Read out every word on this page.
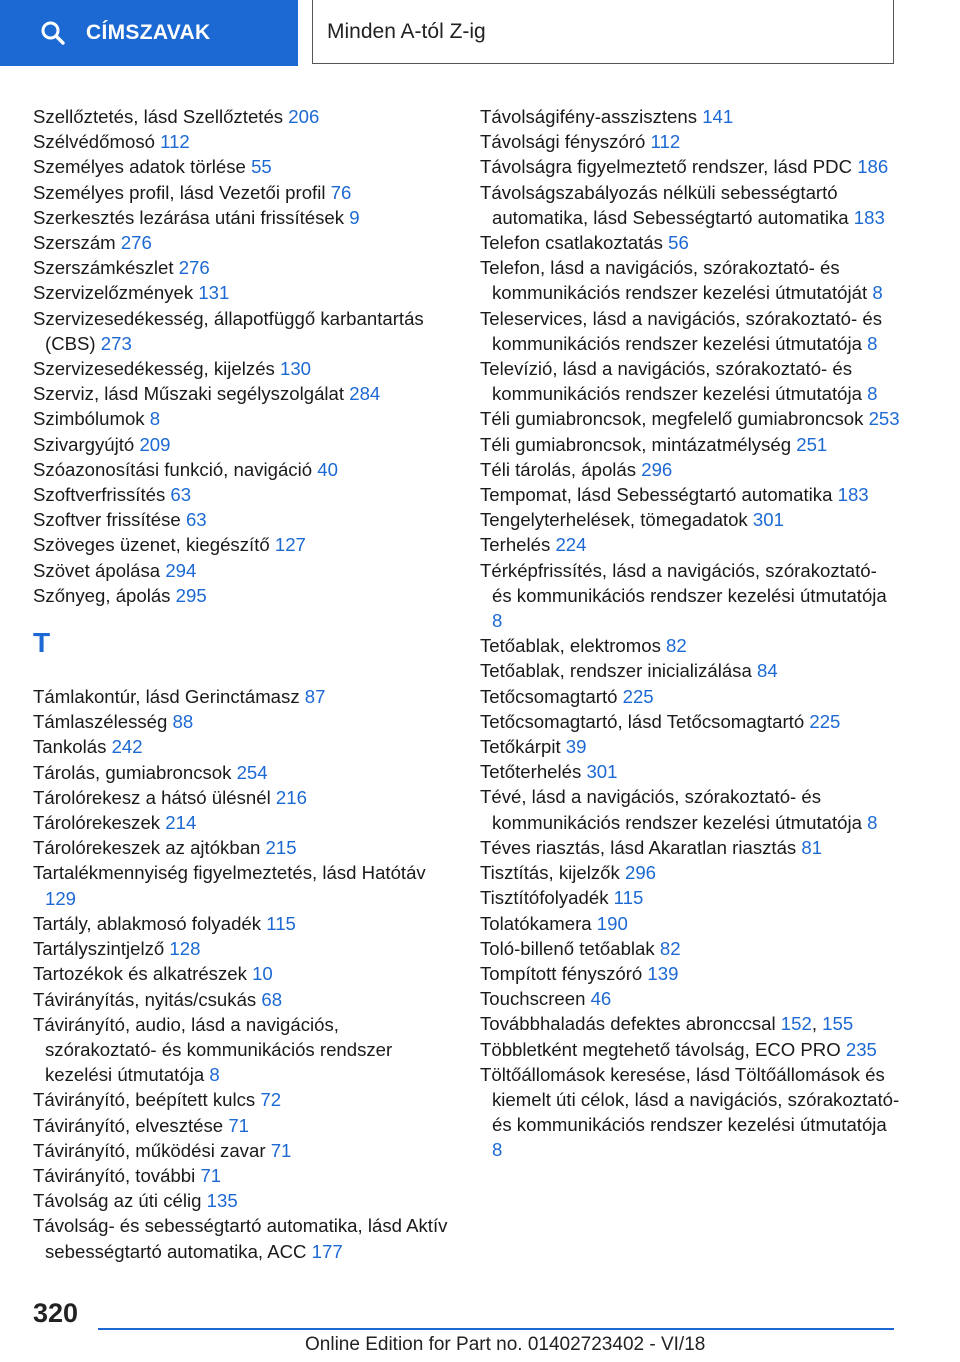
CÍMSZAVAK	Minden A-tól Z-ig
Szellőztetés, lásd Szellőztetés 206
Szélvédőmosó 112
Személyes adatok törlése 55
Személyes profil, lásd Vezetői profil 76
Szerkesztés lezárása utáni frissítések 9
Szerszám 276
Szerszámkészlet 276
Szervizelőzmények 131
Szervizesedékesség, állapotfüggő karbantartás (CBS) 273
Szervizesedékesség, kijelzés 130
Szerviz, lásd Műszaki segélyszolgálat 284
Szimbólumok 8
Szivargyújtó 209
Szóazonosítási funkció, navigáció 40
Szoftverfrissítés 63
Szoftver frissítése 63
Szöveges üzenet, kiegészítő 127
Szövet ápolása 294
Szőnyeg, ápolás 295
T
Támlakontúr, lásd Gerinctámasz 87
Támlaszélesség 88
Tankolás 242
Tárolás, gumiabroncsok 254
Tárolórekesz a hátsó ülésnél 216
Tárolórekeszek 214
Tárolórekeszek az ajtókban 215
Tartalékmennyiség figyelmeztetés, lásd Hatótáv 129
Tartály, ablakmosó folyadék 115
Tartályszintjelző 128
Tartozékok és alkatrészek 10
Távirányítás, nyitás/csukás 68
Távirányító, audio, lásd a navigációs, szórakoztató- és kommunikációs rendszer kezelési útmutatója 8
Távirányító, beépített kulcs 72
Távirányító, elvesztése 71
Távirányító, működési zavar 71
Távirányító, további 71
Távolság az úti célig 135
Távolság- és sebességtartó automatika, lásd Aktív sebességtartó automatika, ACC 177
Távolságifény-asszisztens 141
Távolsági fényszóró 112
Távolságra figyelmeztető rendszer, lásd PDC 186
Távolságszabályozás nélküli sebességtartó automatika, lásd Sebességtartó automatika 183
Telefon csatlakoztatás 56
Telefon, lásd a navigációs, szórakoztató- és kommunikációs rendszer kezelési útmutatóját 8
Teleservices, lásd a navigációs, szórakoztató- és kommunikációs rendszer kezelési útmutatója 8
Televízió, lásd a navigációs, szórakoztató- és kommunikációs rendszer kezelési útmutatója 8
Téli gumiabroncsok, megfelelő gumiabroncsok 253
Téli gumiabroncsok, mintázatmélység 251
Téli tárolás, ápolás 296
Tempomat, lásd Sebességtartó automatika 183
Tengelyterhelések, tömegadatok 301
Terhelés 224
Térképfrissítés, lásd a navigációs, szórakoztató- és kommunikációs rendszer kezelési útmutatója 8
Tetőablak, elektromos 82
Tetőablak, rendszer inicializálása 84
Tetőcsomagtartó 225
Tetőcsomagtartó, lásd Tetőcsomagtartó 225
Tetőkárpit 39
Tetőterhelés 301
Tévé, lásd a navigációs, szórakoztató- és kommunikációs rendszer kezelési útmutatója 8
Téves riasztás, lásd Akaratlan riasztás 81
Tisztítás, kijelzők 296
Tisztítófolyadék 115
Tolatókamera 190
Toló-billenő tetőablak 82
Tompított fényszóró 139
Touchscreen 46
Továbbhaladás defektes abronccsal 152, 155
Többletként megtehető távolság, ECO PRO 235
Töltőállomások keresése, lásd Töltőállomások és kiemelt úti célok, lásd a navigációs, szórakoztató- és kommunikációs rendszer kezelési útmutatója 8
320
Online Edition for Part no. 01402723402 - VI/18
